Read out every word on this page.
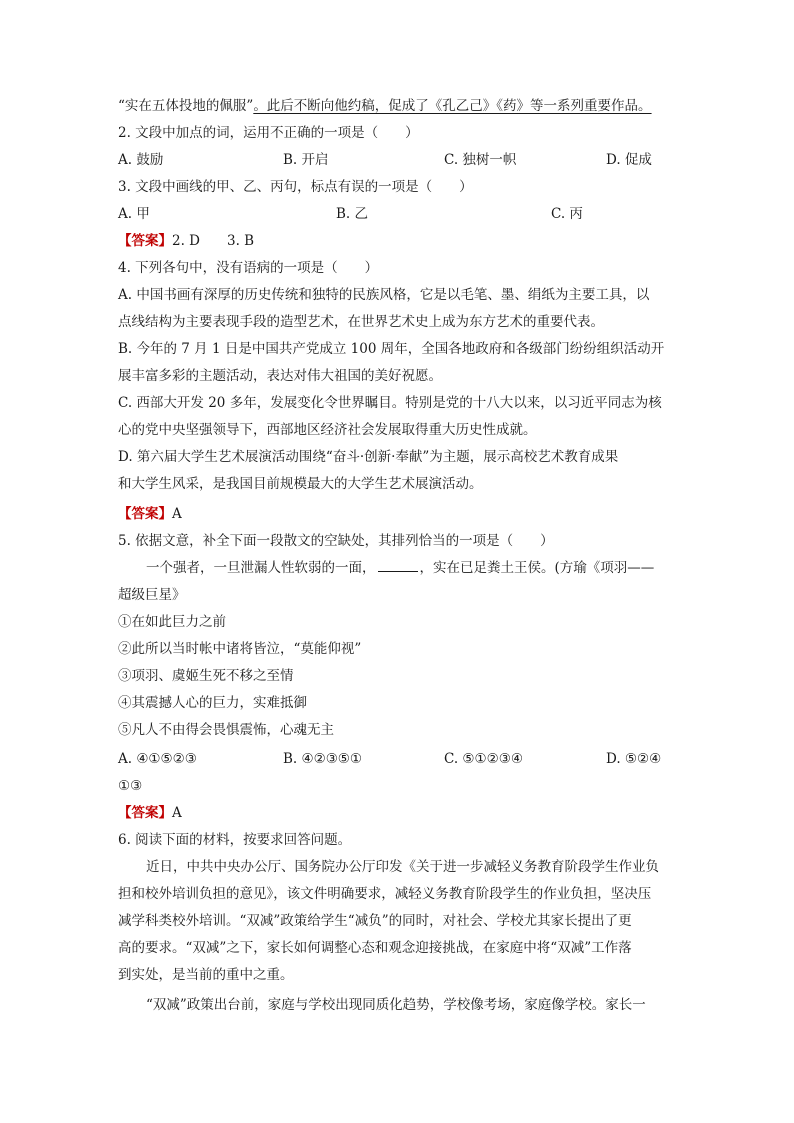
“实在五体投地的佩服”。此后不断向他约稿，促成了《孔乙己》《药》等一系列重要作品。
2. 文段中加点的词，运用不正确的一项是（　　）
A. 鼓励	B. 开启	C. 独树一帜	D. 促成
3. 文段中画线的甲、乙、丙句，标点有误的一项是（　　）
A. 甲	B. 乙	C. 丙
【答案】2. D　　3. B
4. 下列各句中，没有语病的一项是（　　）
A. 中国书画有深厚的历史传统和独特的民族风格，它是以毛笔、墨、绢纸为主要工具，以
点线结构为主要表现手段的造型艺术，在世界艺术史上成为东方艺术的重要代表。
B. 今年的 7 月 1 日是中国共产党成立 100 周年，全国各地政府和各级部门纷纷组织活动开
展丰富多彩的主题活动，表达对伟大祖国的美好祝愿。
C. 西部大开发 20 多年，发展变化令世界瞩目。特别是党的十八大以来，以习近平同志为核
心的党中央坚强领导下，西部地区经济社会发展取得重大历史性成就。
D. 第六届大学生艺术展演活动围绕“奋斗·创新·奉献”为主题，展示高校艺术教育成果
和大学生风采，是我国目前规模最大的大学生艺术展演活动。
【答案】A
5. 依据文意，补全下面一段散文的空缺处，其排列恰当的一项是（　　）
一个强者，一旦泄漏人性软弱的一面，	，实在已足粪土王侯。(方瑜《项羽——
超级巨星》
①在如此巨力之前
②此所以当时帐中诸将皆泣，“莫能仰视”
③项羽、虞姬生死不移之至情
④其震撼人心的巨力，实难抵御
⑤凡人不由得会畏惧震怖，心魂无主
A. ④①⑤②③	B. ④②③⑤①	C. ⑤①②③④	D. ⑤②④
①③
【答案】A
6. 阅读下面的材料，按要求回答问题。
近日，中共中央办公厅、国务院办公厅印发《关于进一步减轻义务教育阶段学生作业负
担和校外培训负担的意见》，该文件明确要求，减轻义务教育阶段学生的作业负担，坚决压
减学科类校外培训。“双减”政策给学生“减负”的同时，对社会、学校尤其家长提出了更
高的要求。“双减”之下，家长如何调整心态和观念迎接挑战，在家庭中将“双减”工作落
到实处，是当前的重中之重。
“双减”政策出台前，家庭与学校出现同质化趋势，学校像考场，家庭像学校。家长一
